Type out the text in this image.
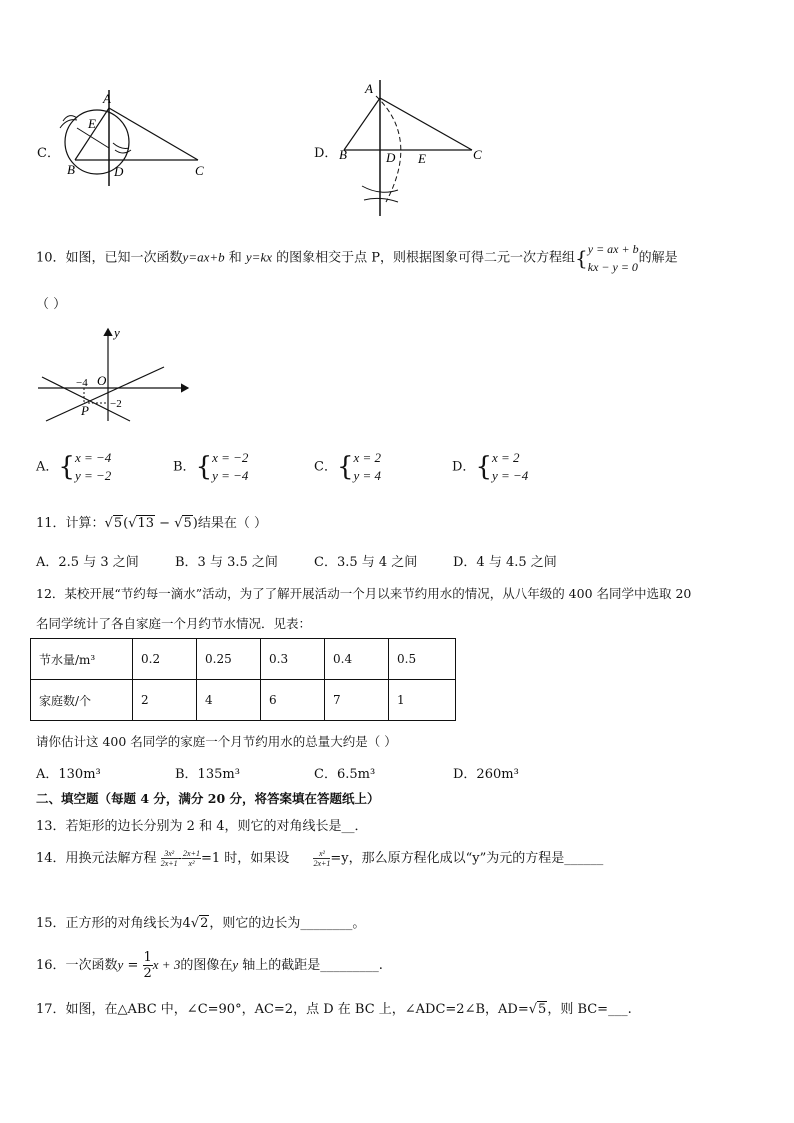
C．
A
E
B	D	C
D．
A
B	D E	C
10．如图，已知一次函数y=ax+b 和 y=kx 的图象相交于点 P，则根据图象可得二元一次方程组{ y = ax + b
kx − y = 0
的解是
（ ）
y
O
−4
−2
P
A．{ x = −4
y = −2
B．{ x = −2
y = −4
C．{ x = 2
y = 4
D．{ x = 2
y = −4
11．计算：√5(√13 − √5)结果在（ ）
A．2.5 与 3 之间	B．3 与 3.5 之间	C．3.5 与 4 之间	D．4 与 4.5 之间
12．某校开展“节约每一滴水”活动，为了了解开展活动一个月以来节约用水的情况，从八年级的 400 名同学中选取 20
名同学统计了各自家庭一个月约节水情况．见表：
节水量/m³	0.2	0.25	0.3	0.4	0.5
家庭数/个	2	4	6	7	1
请你估计这 400 名同学的家庭一个月节约用水的总量大约是（ ）
A．130m³	B．135m³	C．6.5m³	D．260m³
二、填空题（每题 4 分，满分 20 分，将答案填在答题纸上）
13．若矩形的边长分别为 2 和 4，则它的对角线长是__．
14．用换元法解方程 $\frac{\text{3x²}}{2x+1} - \frac{2x+1}{\text{x²}} =1$ 时，如果设	$\frac{\text{x²}}{2x+1} =y$，那么原方程化成以“y”为元的方程是______
15．正方形的对角线长为4√2，则它的边长为________。
16．一次函数$y = \frac{1}{2}x + 3$的图像在y 轴上的截距是_________.
17．如图，在△ABC 中，∠C=90°，AC=2，点 D 在 BC 上，∠ADC=2∠B，AD=√5，则 BC=___.
